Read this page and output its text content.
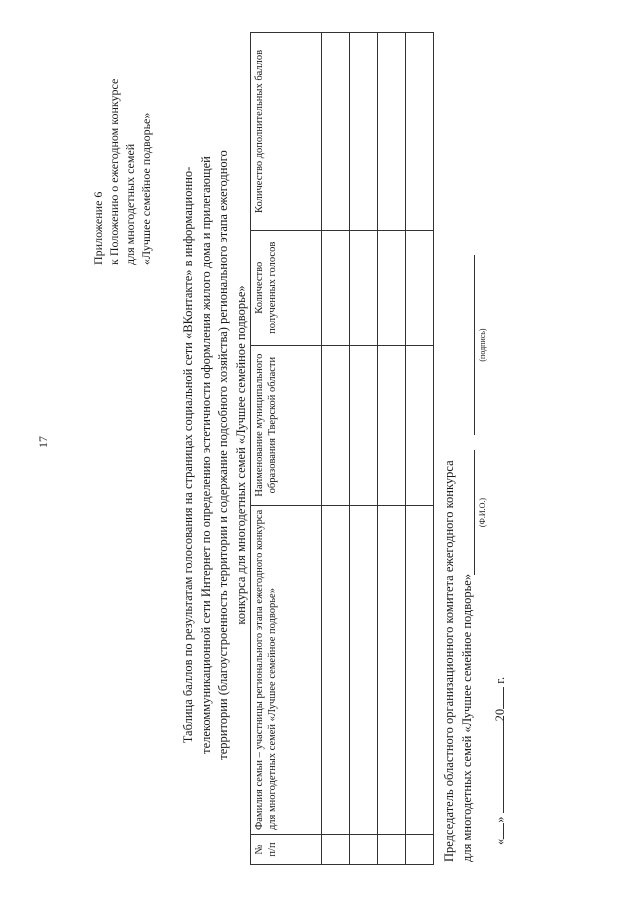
17
Приложение 6 к Положению о ежегодном конкурсе для многодетных семей «Лучшее семейное подворье» Таблица баллов по результатам голосования на страницах социальной сети «ВКонтакте» в информационно- телекоммуникационной сети Интернет по определению эстетичности оформления жилого дома и прилегающей территории (благоустроенность территории и содержание подсобного хозяйства) регионального этапа ежегодного конкурса для многодетных семей «Лучшее семейное подворье»
№ п/п	Фамилия семьи – участницы регионального этапа ежегодного конкурса для многодетных семей «Лучшее семейное подворье»	Наименование муниципального образования Тверской области	Количество полученных голосов	Количество дополнительных баллов

Председатель областного организационного комитета ежегодного конкурса для многодетных семей «Лучшее семейное подворье»
(Ф.И.О.)
(подпись)
«» 20 г.
